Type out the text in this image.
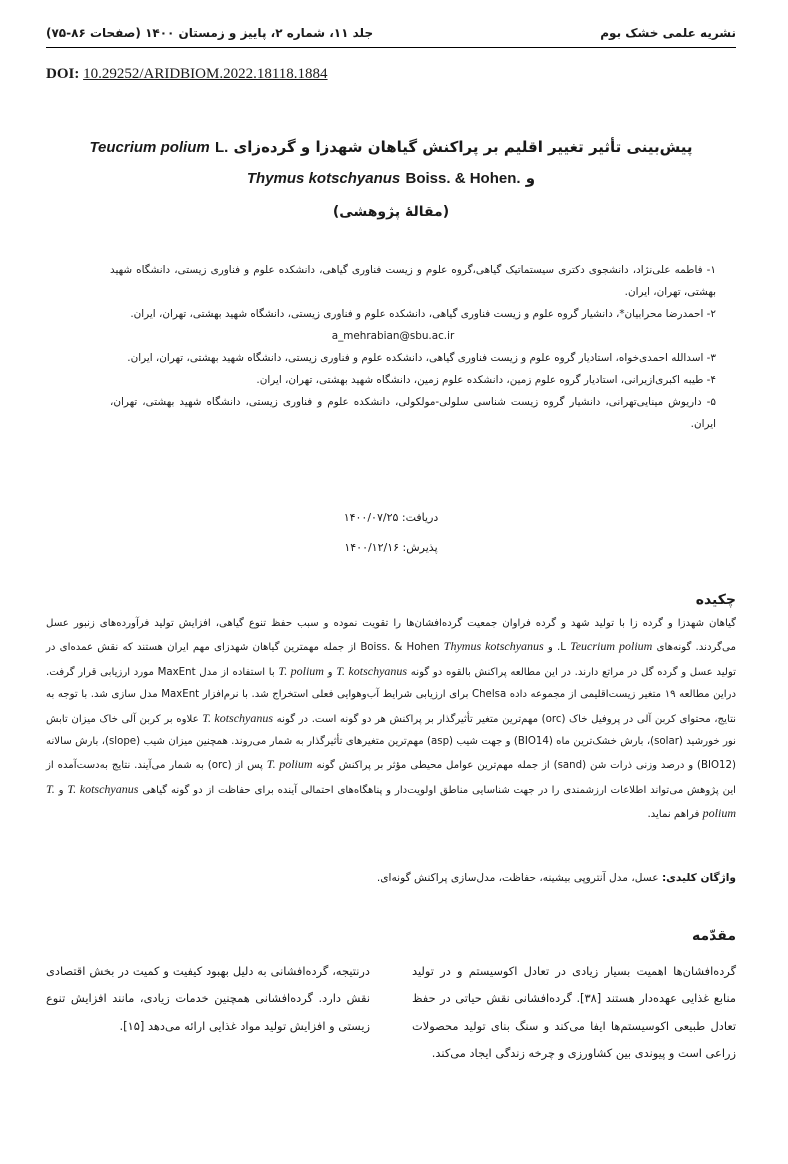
جلد ۱۱، شماره ۲، پاییز و زمستان ۱۴۰۰ (صفحات ۸۶-۷۵)	نشریه علمی خشک بوم
DOI: 10.29252/ARIDBIOM.2022.18118.1884
پیش‌بینی تأثیر تغییر اقلیم بر پراکنش گیاهان شهدزا و گرده‌زای Teucrium polium L.
و Thymus kotschyanus Boiss. & Hohen.
(مقالهٔ پژوهشی)

۱- فاطمه علی‌نژاد، دانشجوی دکتری سیستماتیک گیاهی،گروه علوم و زیست فناوری گیاهی، دانشکده علوم و فناوری زیستی، دانشگاه شهید بهشتی، تهران، ایران.

۲- احمدرضا محرابیان*، دانشیار گروه علوم و زیست فناوری گیاهی، دانشکده علوم و فناوری زیستی، دانشگاه شهید بهشتی، تهران، ایران.

a_mehrabian@sbu.ac.ir

۳- اسدالله احمدی‌خواه، استادیار گروه علوم و زیست فناوری گیاهی، دانشکده علوم و فناوری زیستی، دانشگاه شهید بهشتی، تهران، ایران.

۴- طیبه اکبری‌ازیرانی، استادیار گروه علوم زمین، دانشکده علوم زمین، دانشگاه شهید بهشتی، تهران، ایران.

۵- داریوش مینایی‌تهرانی، دانشیار گروه زیست شناسی سلولی-مولکولی، دانشکده علوم و فناوری زیستی، دانشگاه شهید بهشتی، تهران، ایران.

دریافت: ۱۴۰۰/۰۷/۲۵
پذیرش: ۱۴۰۰/۱۲/۱۶
چکیده

گیاهان شهدزا و گرده زا با تولید شهد و گرده فراوان جمعیت گرده‌افشان‌ها را تقویت نموده و سبب حفظ تنوع گیاهی، افزایش تولید فرآورده‌های زنبور عسل می‌گردند. گونه‌های Teucrium polium L. و Thymus kotschyanus Boiss. & Hohen از جمله مهمترین گیاهان شهدزای مهم ایران هستند که نقش عمده‌ای در تولید عسل و گرده گل در مراتع دارند. در این مطالعه پراکنش بالقوه دو گونه T. kotschyanus و T. polium با استفاده از مدل MaxEnt مورد ارزیابی قرار گرفت. دراین مطالعه ۱۹ متغیر زیست‌اقلیمی از مجموعه داده Chelsa برای ارزیابی شرایط آب‌وهوایی فعلی استخراج شد. با نرم‌افزار MaxEnt مدل سازی شد. با توجه به نتایج، محتوای کربن آلی در پروفیل خاک (orc) مهم‌ترین متغیر تأثیرگذار بر پراکنش هر دو گونه است. در گونه T. kotschyanus علاوه بر کربن آلی خاک میزان تابش نور خورشید (solar)، بارش خشک‌ترین ماه (BIO14) و جهت شیب (asp) مهم‌ترین متغیرهای تأثیرگذار به شمار می‌روند. همچنین میزان شیب (slope)، بارش سالانه (BIO12) و درصد وزنی ذرات شن (sand) از جمله مهم‌ترین عوامل محیطی مؤثر بر پراکنش گونه T. polium پس از (orc) به شمار می‌آیند. نتایج به‌دست‌آمده از این پژوهش می‌تواند اطلاعات ارزشمندی را در جهت شناسایی مناطق اولویت‌دار و پناهگاه‌های احتمالی آینده برای حفاظت از دو گونه گیاهی T. kotschyanus و T. polium فراهم نماید.

واژگان کلیدی: عسل، مدل آنتروپی بیشینه، حفاظت، مدل‌سازی پراکنش گونه‌ای.
مقدّمه

گرده‌افشان‌ها اهمیت بسیار زیادی در تعادل اکوسیستم و در تولید منابع غذایی عهده‌دار هستند [۳۸]. گرده‌افشانی نقش حیاتی در حفظ تعادل طبیعی اکوسیستم‌ها ایفا می‌کند و سنگ بنای تولید محصولات زراعی است و پیوندی بین کشاورزی و چرخه زندگی ایجاد می‌کند.

درنتیجه، گرده‌افشانی به دلیل بهبود کیفیت و کمیت در بخش اقتصادی نقش دارد. گرده‌افشانی همچنین خدمات زیادی، مانند افزایش تنوع زیستی و افزایش تولید مواد غذایی ارائه می‌دهد [۱۵].
